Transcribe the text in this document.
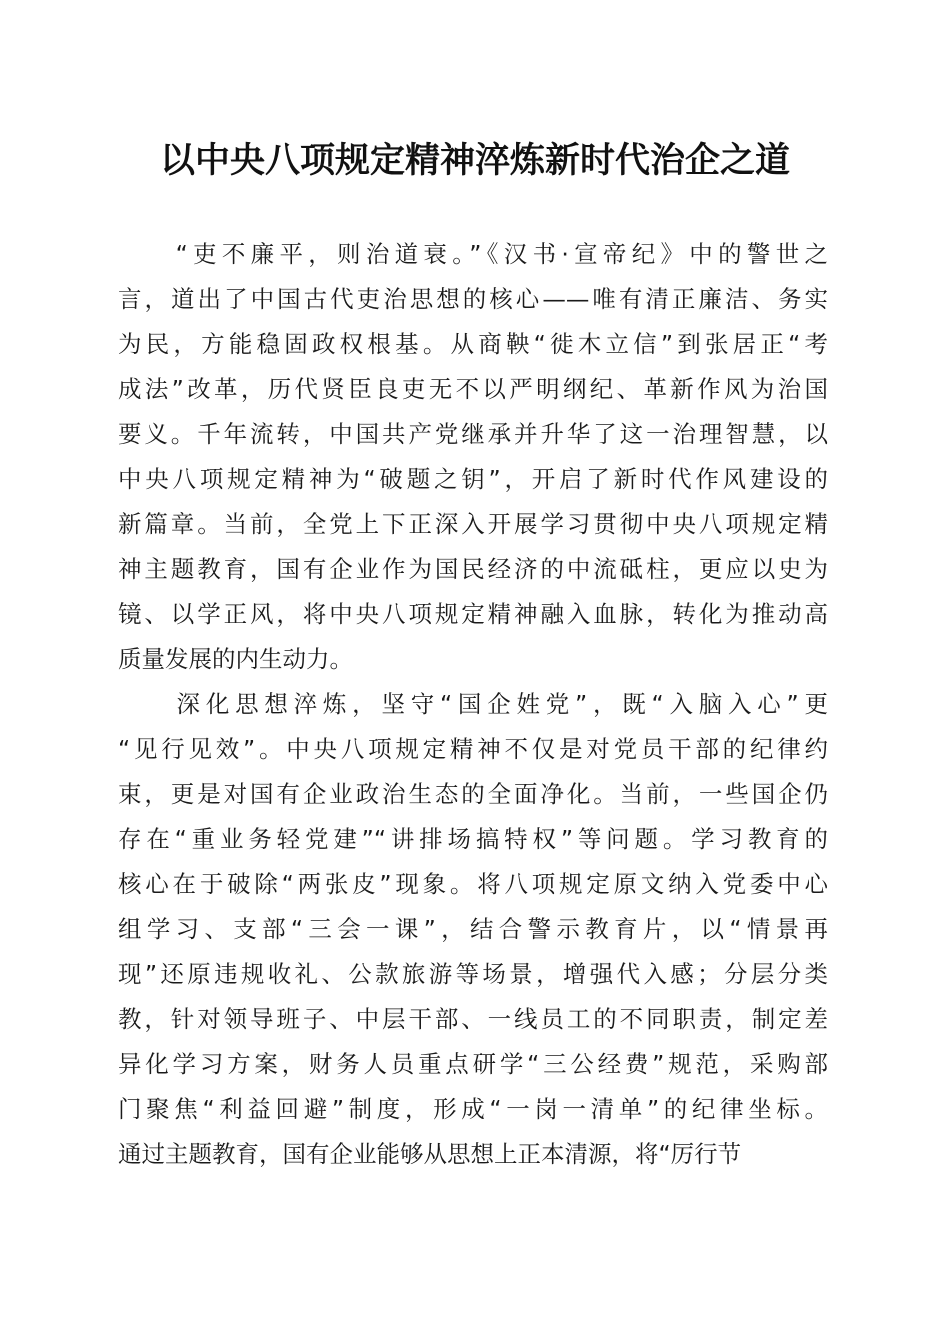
以中央八项规定精神淬炼新时代治企之道
　　“吏不廉平，则治道衰。”《汉书·宣帝纪》中的警世之
言，道出了中国古代吏治思想的核心——唯有清正廉洁、务实
为民，方能稳固政权根基。从商鞅“徙木立信”到张居正“考
成法”改革，历代贤臣良吏无不以严明纲纪、革新作风为治国
要义。千年流转，中国共产党继承并升华了这一治理智慧，以
中央八项规定精神为“破题之钥”，开启了新时代作风建设的
新篇章。当前，全党上下正深入开展学习贯彻中央八项规定精
神主题教育，国有企业作为国民经济的中流砥柱，更应以史为
镜、以学正风，将中央八项规定精神融入血脉，转化为推动高
质量发展的内生动力。
　　深化思想淬炼，坚守“国企姓党”，既“入脑入心”更
“见行见效”。中央八项规定精神不仅是对党员干部的纪律约
束，更是对国有企业政治生态的全面净化。当前，一些国企仍
存在“重业务轻党建”“讲排场搞特权”等问题。学习教育的
核心在于破除“两张皮”现象。将八项规定原文纳入党委中心
组学习、支部“三会一课”，结合警示教育片，以“情景再
现”还原违规收礼、公款旅游等场景，增强代入感；分层分类
教，针对领导班子、中层干部、一线员工的不同职责，制定差
异化学习方案，财务人员重点研学“三公经费”规范，采购部
门聚焦“利益回避”制度，形成“一岗一清单”的纪律坐标。
通过主题教育，国有企业能够从思想上正本清源，将“厉行节
